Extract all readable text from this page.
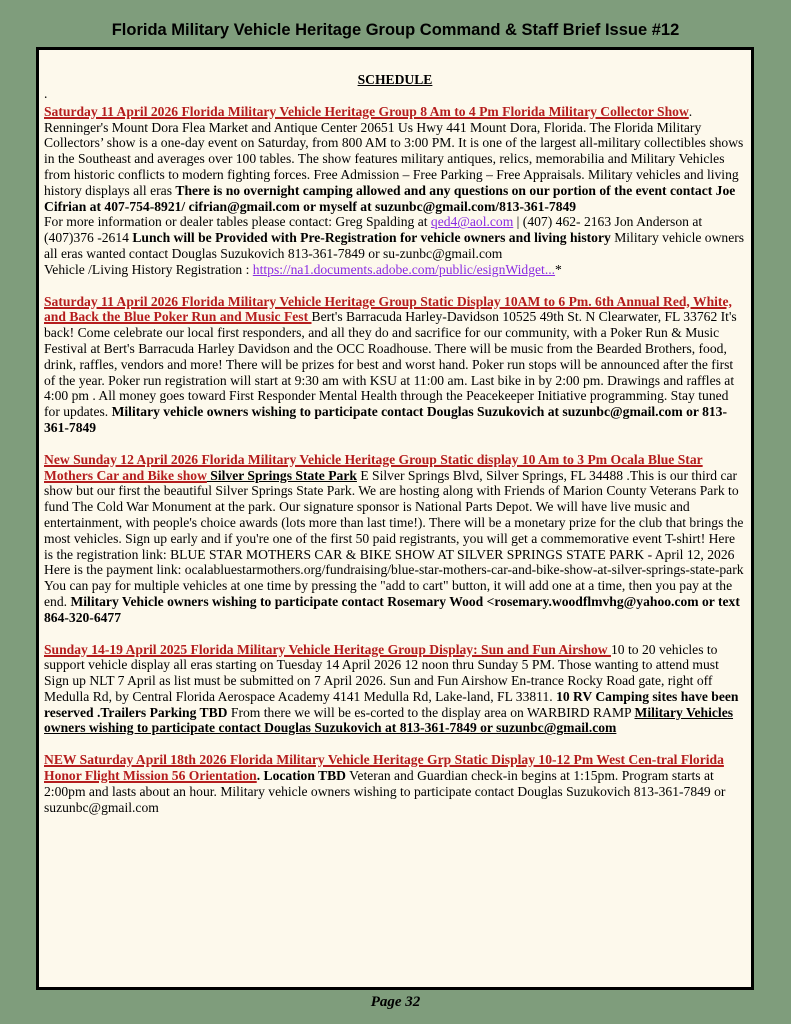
Florida Military Vehicle Heritage Group Command & Staff Brief Issue #12
SCHEDULE
.
Saturday 11 April 2026 Florida Military Vehicle Heritage Group 8 Am to 4 Pm Florida Military Collector Show. Renninger's Mount Dora Flea Market and Antique Center 20651 Us Hwy 441 Mount Dora, Florida. The Florida Military Collectors’ show is a one-day event on Saturday, from 800 AM to 3:00 PM. It is one of the largest all-military collectibles shows in the Southeast and averages over 100 tables. The show features military antiques, relics, memorabilia and Military Vehicles from historic conflicts to modern fighting forces. Free Admission – Free Parking – Free Appraisals. Military vehicles and living history displays all eras There is no overnight camping allowed and any questions on our portion of the event contact Joe Cifrian at 407-754-8921/ cifrian@gmail.com or myself at suzunbc@gmail.com/813-361-7849
For more information or dealer tables please contact: Greg Spalding at qed4@aol.com | (407) 462- 2163 Jon Anderson at (407)376 -2614 Lunch will be Provided with Pre-Registration for vehicle owners and living history Military vehicle owners all eras wanted contact Douglas Suzukovich 813-361-7849 or su-zunbc@gmail.com
Vehicle /Living History Registration : https://na1.documents.adobe.com/public/esignWidget...*
Saturday 11 April 2026 Florida Military Vehicle Heritage Group Static Display 10AM to 6 Pm. 6th Annual Red, White, and Back the Blue Poker Run and Music Fest Bert's Barracuda Harley-Davidson 10525 49th St. N Clearwater, FL 33762 It's back! Come celebrate our local first responders, and all they do and sacrifice for our community, with a Poker Run & Music Festival at Bert's Barracuda Harley Davidson and the OCC Roadhouse. There will be music from the Bearded Brothers, food, drink, raffles, vendors and more! There will be prizes for best and worst hand. Poker run stops will be announced after the first of the year. Poker run registration will start at 9:30 am with KSU at 11:00 am. Last bike in by 2:00 pm. Drawings and raffles at 4:00 pm . All money goes toward First Responder Mental Health through the Peacekeeper Initiative programming. Stay tuned for updates. Military vehicle owners wishing to participate contact Douglas Suzukovich at suzunbc@gmail.com or 813-361-7849
New Sunday 12 April 2026 Florida Military Vehicle Heritage Group Static display 10 Am to 3 Pm Ocala Blue Star Mothers Car and Bike show Silver Springs State Park E Silver Springs Blvd, Silver Springs, FL 34488 .This is our third car show but our first the beautiful Silver Springs State Park. We are hosting along with Friends of Marion County Veterans Park to fund The Cold War Monument at the park. Our signature sponsor is National Parts Depot. We will have live music and entertainment, with people's choice awards (lots more than last time!). There will be a monetary prize for the club that brings the most vehicles. Sign up early and if you're one of the first 50 paid registrants, you will get a commemorative event T-shirt! Here is the registration link: BLUE STAR MOTHERS CAR & BIKE SHOW AT SILVER SPRINGS STATE PARK - April 12, 2026 Here is the payment link: ocalabluestarmothers.org/fundraising/blue-star-mothers-car-and-bike-show-at-silver-springs-state-park You can pay for multiple vehicles at one time by pressing the "add to cart" button, it will add one at a time, then you pay at the end. Military Vehicle owners wishing to participate contact Rosemary Wood <rosemary.woodflmvhg@yahoo.com or text 864-320-6477
Sunday 14-19 April 2025 Florida Military Vehicle Heritage Group Display: Sun and Fun Airshow 10 to 20 vehicles to support vehicle display all eras starting on Tuesday 14 April 2026 12 noon thru Sunday 5 PM. Those wanting to attend must Sign up NLT 7 April as list must be submitted on 7 April 2026. Sun and Fun Airshow En-trance Rocky Road gate, right off Medulla Rd, by Central Florida Aerospace Academy 4141 Medulla Rd, Lake-land, FL 33811. 10 RV Camping sites have been reserved .Trailers Parking TBD From there we will be es-corted to the display area on WARBIRD RAMP Military Vehicles owners wishing to participate contact Douglas Suzukovich at 813-361-7849 or suzunbc@gmail.com
NEW Saturday April 18th 2026 Florida Military Vehicle Heritage Grp Static Display 10-12 Pm West Cen-tral Florida Honor Flight Mission 56 Orientation. Location TBD Veteran and Guardian check-in begins at 1:15pm. Program starts at 2:00pm and lasts about an hour. Military vehicle owners wishing to participate contact Douglas Suzukovich 813-361-7849 or suzunbc@gmail.com
Page 32
